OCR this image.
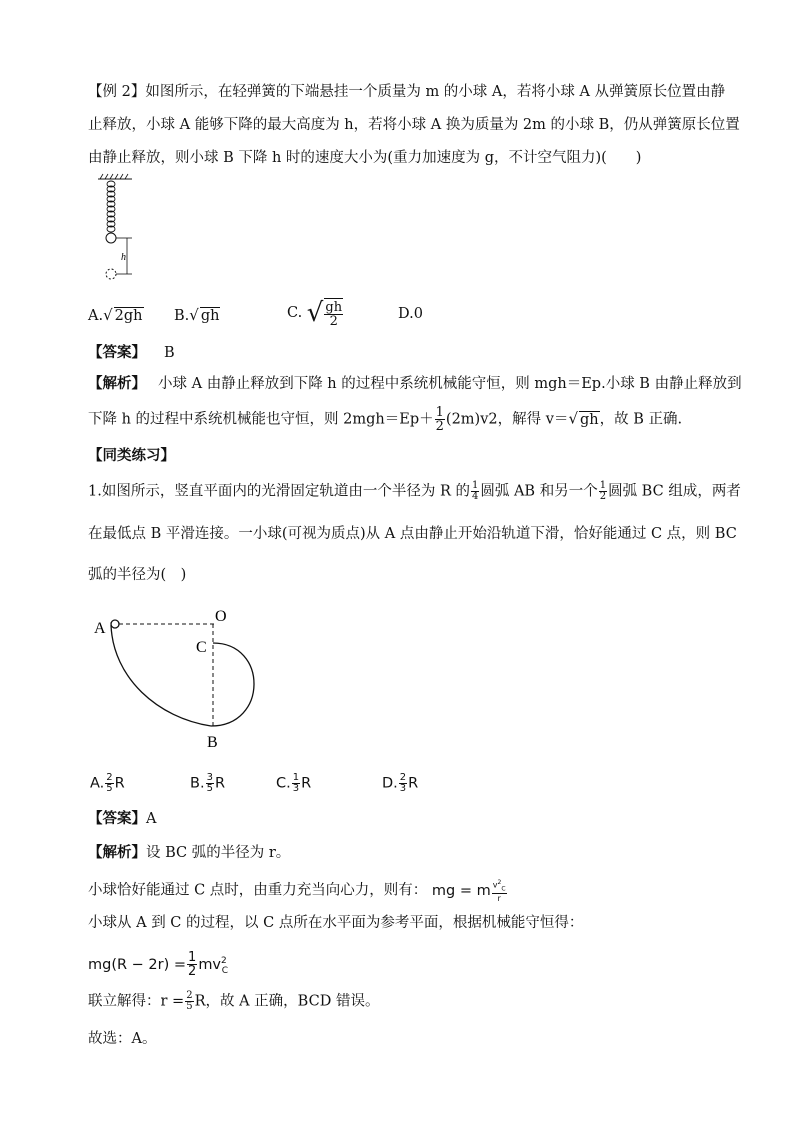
【例 2】如图所示，在轻弹簧的下端悬挂一个质量为 m 的小球 A，若将小球 A 从弹簧原长位置由静
止释放，小球 A 能够下降的最大高度为 h，若将小球 A 换为质量为 2m 的小球 B，仍从弹簧原长位置
由静止释放，则小球 B 下降 h 时的速度大小为(重力加速度为 g，不计空气阻力)(　　)
h
A.√ 2gh B.√ gh	C. √ $\frac{gh}{2}$	D.0
【答案】 B
【解析】 小球 A 由静止释放到下降 h 的过程中系统机械能守恒，则 mgh＝Ep.小球 B 由静止释放到
下降 h 的过程中系统机械能也守恒，则 $2mgh=Ep+ \frac{1}{2} (2m)v2$，解得 v＝√ gh，故 B 正确.
【同类练习】
1.如图所示，竖直平面内的光滑固定轨道由一个半径为 R 的 $\frac{1}{4}$ 圆弧 AB 和另一个 $\frac{1}{2}$ 圆弧 BC 组成，两者
在最低点 B 平滑连接。一小球(可视为质点)从 A 点由静止开始沿轨道下滑，恰好能通过 C 点，则 BC
弧的半径为(　)
A
O
C
B
A. $\frac{2}{5}$ R	B. $\frac{3}{5}$ R	C. $\frac{1}{3}$ R	D. $\frac{2}{3}$ R
【答案】A
【解析】设 BC 弧的半径为 r。
小球恰好能通过 C 点时，由重力充当向心力，则有： mg = m $\frac{v^2_C}{r}$
小球从 A 到 C 的过程，以 C 点所在水平面为参考平面，根据机械能守恒得：
$mg(R - 2r) = \frac{1}{2} mv^2_C$
联立解得：$r = \frac{2}{5}$ R，故 A 正确，BCD 错误。
故选：A。
